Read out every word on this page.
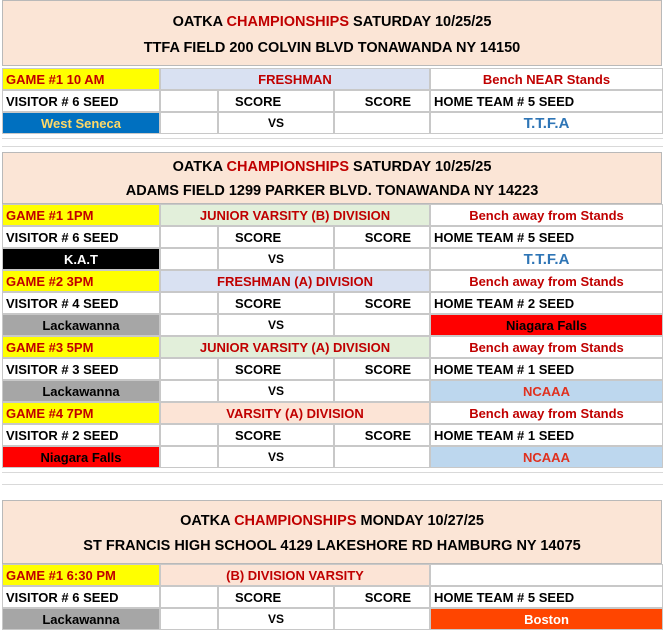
OATKA CHAMPIONSHIPS SATURDAY 10/25/25
TTFA FIELD 200 COLVIN BLVD TONAWANDA NY 14150
GAME #1 10 AM	FRESHMAN	Bench NEAR Stands
VISITOR # 6 SEED	SCORE	SCORE	HOME TEAM # 5 SEED
West Seneca	VS	T.T.F.A
OATKA CHAMPIONSHIPS SATURDAY 10/25/25
ADAMS FIELD 1299 PARKER BLVD. TONAWANDA NY 14223
GAME #1 1PM	JUNIOR VARSITY (B) DIVISION	Bench away from Stands
VISITOR # 6 SEED	SCORE	SCORE	HOME TEAM # 5 SEED
K.A.T	VS	T.T.F.A
GAME #2 3PM	FRESHMAN (A) DIVISION	Bench away from Stands
VISITOR # 4 SEED	SCORE	SCORE	HOME TEAM # 2 SEED
Lackawanna	VS	Niagara Falls
GAME #3 5PM	JUNIOR VARSITY (A) DIVISION	Bench away from Stands
VISITOR # 3 SEED	SCORE	SCORE	HOME TEAM # 1 SEED
Lackawanna	VS	NCAAA
GAME #4 7PM	VARSITY (A) DIVISION	Bench away from Stands
VISITOR # 2 SEED	SCORE	SCORE	HOME TEAM # 1 SEED
Niagara Falls	VS	NCAAA
OATKA CHAMPIONSHIPS MONDAY 10/27/25
ST FRANCIS HIGH SCHOOL 4129 LAKESHORE RD HAMBURG NY 14075
GAME #1 6:30 PM	(B) DIVISION VARSITY
VISITOR # 6 SEED	SCORE	SCORE	HOME TEAM # 5 SEED
Lackawanna	VS	Boston
